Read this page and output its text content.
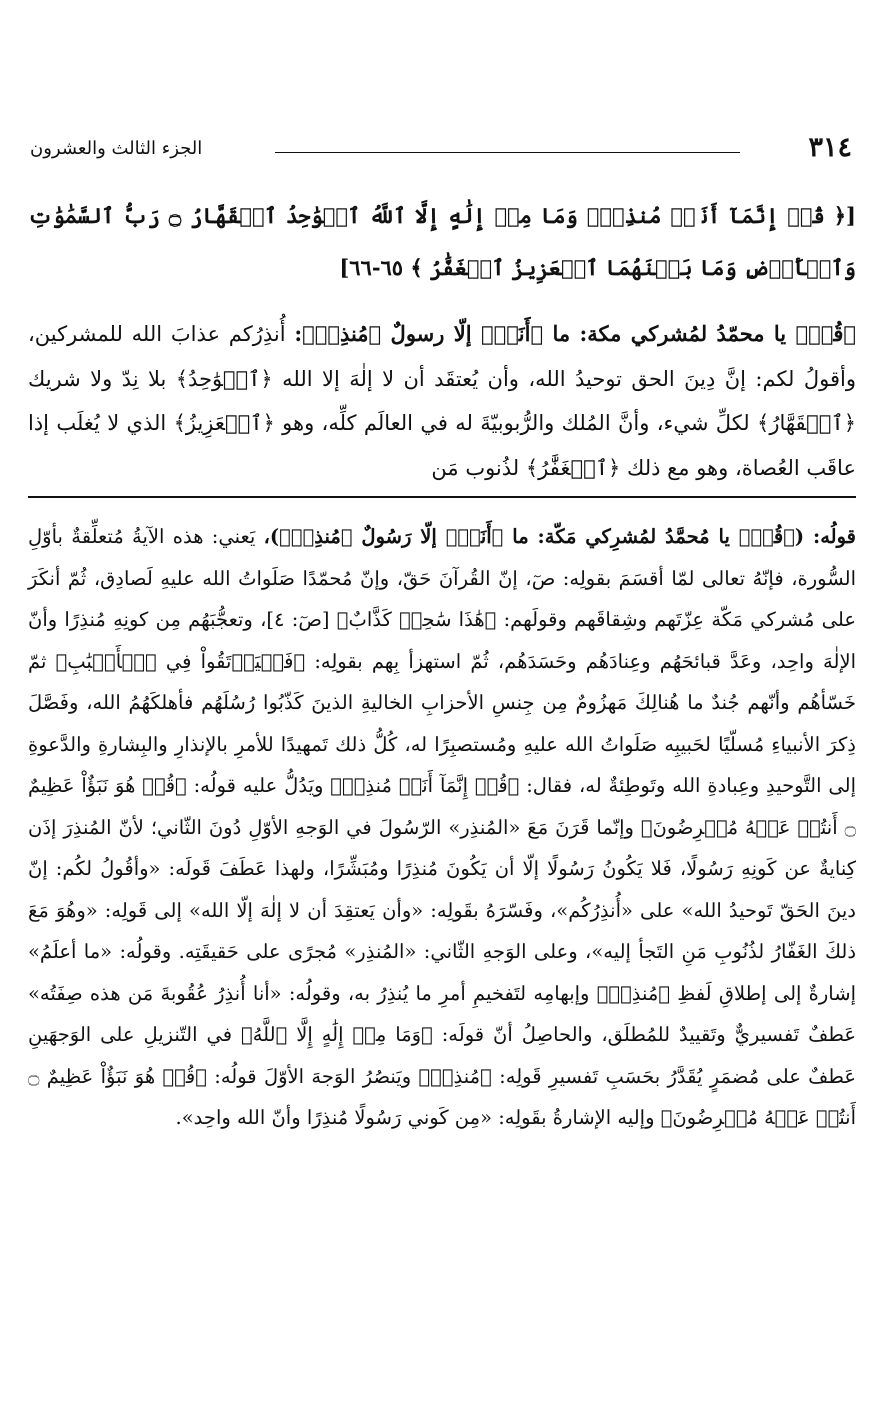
٣١٤
الجزء الثالث والعشرون
[﴿ قُلۡ إِنَّمَآ أَنَا۠ مُنذِرٞۖ وَمَا مِنۡ إِلَٰهٍ إِلَّا ٱللَّهُ ٱلۡوَٰحِدُ ٱلۡقَهَّارُ ۝ رَبُّ ٱلسَّمَٰوَٰتِ وَٱلۡأَرۡضِ وَمَا بَيۡنَهُمَا ٱلۡعَزِيزُ ٱلۡغَفَّٰرُ ﴾ ٦٥-٦٦]
﴿قُلۡ﴾ يا محمّدُ لمُشركي مكة: ما ﴿أَنَا۠﴾ إلّا رسولٌ ﴿مُنذِرٞ﴾: أُنذِرُكم عذابَ الله للمشركين، وأقولُ لكم: إنَّ دِينَ الحق توحيدُ الله، وأن يُعتقَد أن لا إلٰهَ إلا الله ﴿ٱلۡوَٰحِدُ﴾ بلا نِدّ ولا شريك ﴿ٱلۡقَهَّارُ﴾ لكلِّ شيء، وأنَّ المُلك والرُّبوبيّةَ له في العالَم كلِّه، وهو ﴿ٱلۡعَزِيزُ﴾ الذي لا يُغلَب إذا عاقَب العُصاة، وهو مع ذلك ﴿ٱلۡغَفَّٰرُ﴾ لذُنوب مَن
قولُه: (﴿قُلۡ﴾ يا مُحمَّدُ لمُشرِكي مَكّة: ما ﴿أَنَا۠﴾ إلّا رَسُولٌ ﴿مُنذِرٞ﴾)، يَعني: هذه الآيةُ مُتعلِّقةٌ بأوّلِ السُّورة، فإنّهُ تعالى لمّا أقسَمَ بقولِه: صٓ، إنّ القُرآنَ حَقّ، وإنّ مُحمّدًا صَلَواتُ الله عليهِ لَصادِق، ثُمّ أنكَرَ على مُشركي مَكّة عِزّتَهم وشِقاقَهم وقولَهم: ﴿هَٰذَا سَٰحِرٞ كَذَّابٌ﴾ [صٓ: ٤]، وتعجُّبَهُم مِن كونِهِ مُنذِرًا وأنّ الإلٰهَ واحِد، وعَدَّ قبائحَهُم وعِنادَهُم وحَسَدَهُم، ثُمّ استهزأ بِهم بقولِه: ﴿فَلۡيَرۡتَقُواْ فِي ٱلۡأَسۡبَٰبِ﴾ ثمّ خَسّأهُم وأنّهم جُندٌ ما هُنالِكَ مَهزُومٌ مِن جِنسِ الأحزابِ الخاليةِ الذينَ كَذّبُوا رُسُلَهُم فأهلكَهُمُ الله، وفَصَّلَ ذِكرَ الأنبياءِ مُسلّيًا لحَبيبِه صَلَواتُ الله عليهِ ومُستصبِرًا له، كُلُّ ذلك تَمهيدًا للأمرِ بالإنذارِ والبِشارةِ والدَّعوةِ إلى التَّوحيدِ وعِبادةِ الله وتَوطِئةٌ له، فقال: ﴿قُلۡ إِنَّمَآ أَنَا۠ مُنذِرٞ﴾ ويَدُلُّ عليه قولُه: ﴿قُلۡ هُوَ نَبَؤٌاْ عَظِيمٌ ۝ أَنتُمۡ عَنۡهُ مُعۡرِضُونَ﴾ وإنّما قَرَنَ مَعَ «المُنذِر» الرّسُولَ في الوَجهِ الأوّلِ دُونَ الثّاني؛ لأنّ المُنذِرَ إذَن كِنايةٌ عن كَونِهِ رَسُولًا، فَلا يَكُونُ رَسُولًا إلّا أن يَكُونَ مُنذِرًا ومُبَشِّرًا، ولهذا عَطَفَ قَولَه: «وأقُولُ لكُم: إنّ دينَ الحَقّ تَوحيدُ الله» على «أُنذِرُكُم»، وفَسّرَهُ بقَولِه: «وأن يَعتقِدَ أن لا إلٰهَ إلّا الله» إلى قَولِه: «وهُوَ مَعَ ذلكَ الغَفّارُ لذُنُوبِ مَنِ التَجأ إليه»، وعلى الوَجهِ الثّاني: «المُنذِر» مُجرًى على حَقيقَتِه. وقولُه: «ما أعلَمُ» إشارةٌ إلى إطلاقِ لَفظِ ﴿مُنذِرٞ﴾ وإبهامِه لتَفخيمِ أمرِ ما يُنذِرُ به، وقولُه: «أنا أُنذِرُ عُقُوبةَ مَن هذه صِفَتُه» عَطفٌ تَفسيريٌّ وتَقييدٌ للمُطلَق، والحاصِلُ أنّ قولَه: ﴿وَمَا مِنۡ إِلَٰهٍ إِلَّا ٱللَّهُ﴾ في التّنزيلِ على الوَجهَينِ عَطفٌ على مُضمَرٍ يُقَدَّرُ بحَسَبِ تَفسيرِ قَولِه: ﴿مُنذِرٞ﴾ ويَنصُرُ الوَجهَ الأوّلَ قولُه: ﴿قُلۡ هُوَ نَبَؤٌاْ عَظِيمٌ ۝ أَنتُمۡ عَنۡهُ مُعۡرِضُونَ﴾ وإليه الإشارةُ بقَولِه: «مِن كَوني رَسُولًا مُنذِرًا وأنّ الله واحِد».
